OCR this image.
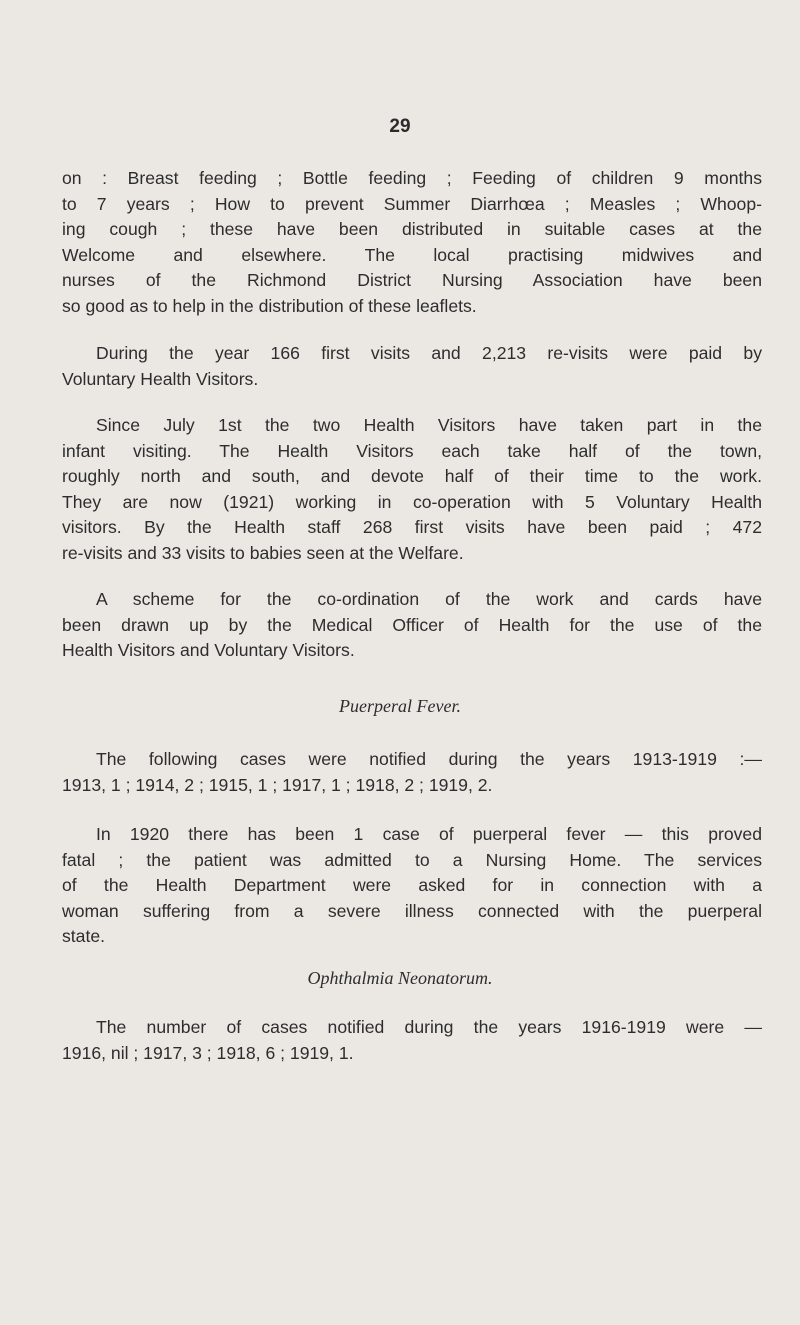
29
on : Breast feeding ; Bottle feeding ; Feeding of children 9 months
to 7 years ; How to prevent Summer Diarrhœa ; Measles ; Whoop-
ing cough ; these have been distributed in suitable cases at the
Welcome and elsewhere. The local practising midwives and
nurses of the Richmond District Nursing Association have been
so good as to help in the distribution of these leaflets.
During the year 166 first visits and 2,213 re-visits were paid by
Voluntary Health Visitors.
Since July 1st the two Health Visitors have taken part in the
infant visiting. The Health Visitors each take half of the town,
roughly north and south, and devote half of their time to the work.
They are now (1921) working in co-operation with 5 Voluntary Health
visitors. By the Health staff 268 first visits have been paid ; 472
re-visits and 33 visits to babies seen at the Welfare.
A scheme for the co-ordination of the work and cards have
been drawn up by the Medical Officer of Health for the use of the
Health Visitors and Voluntary Visitors.
Puerperal Fever.
The following cases were notified during the years 1913-1919 :—
1913, 1 ; 1914, 2 ; 1915, 1 ; 1917, 1 ; 1918, 2 ; 1919, 2.
In 1920 there has been 1 case of puerperal fever — this proved
fatal ; the patient was admitted to a Nursing Home. The services
of the Health Department were asked for in connection with a
woman suffering from a severe illness connected with the puerperal
state.
Ophthalmia Neonatorum.
The number of cases notified during the years 1916-1919 were —
1916, nil ; 1917, 3 ; 1918, 6 ; 1919, 1.
